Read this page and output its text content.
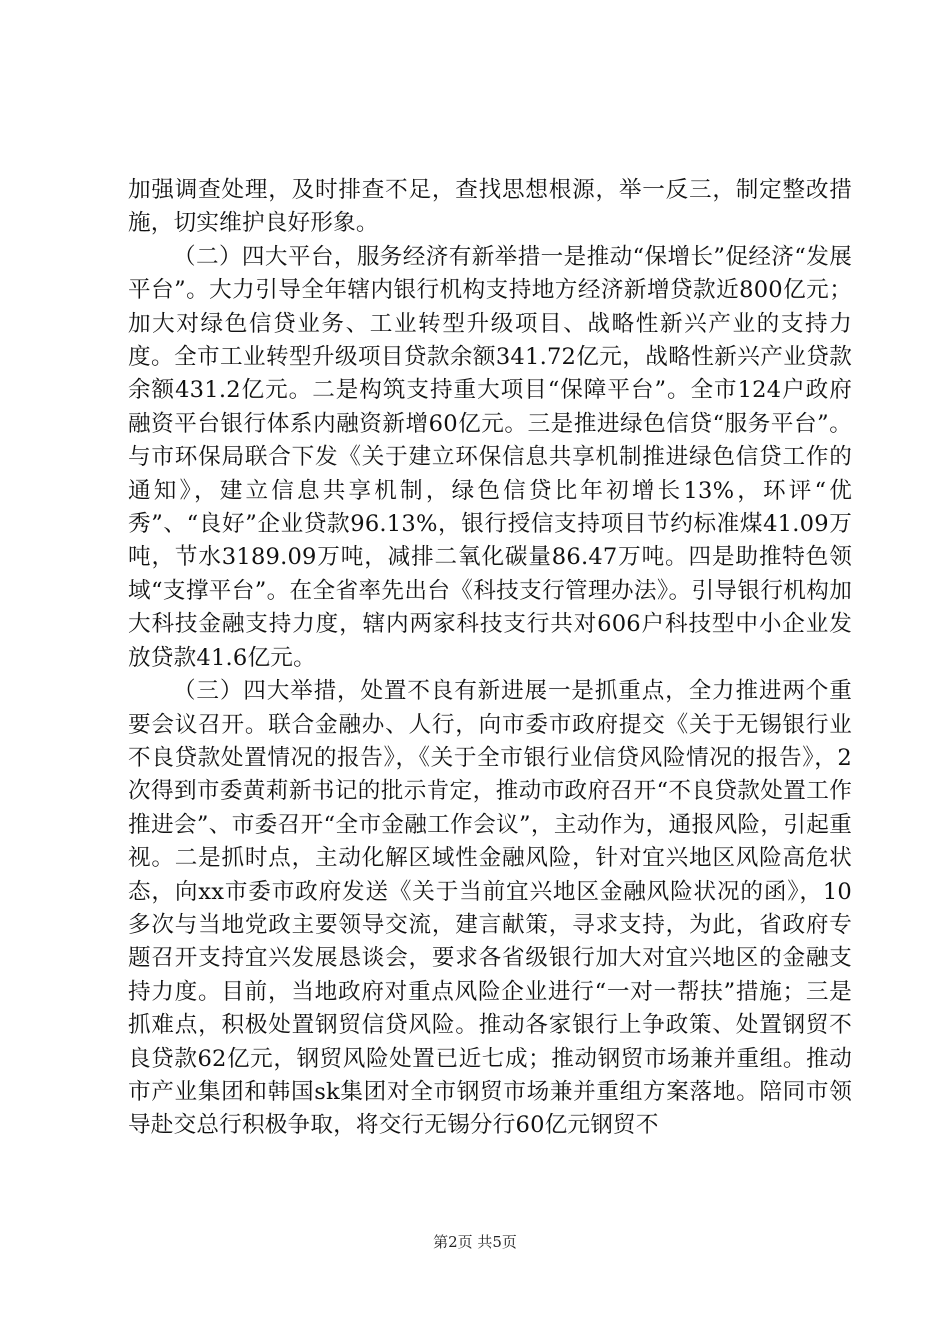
加强调查处理，及时排查不足，查找思想根源，举一反三，制定整改措施，切实维护良好形象。

（二）四大平台，服务经济有新举措一是推动“保增长”促经济“发展平台”。大力引导全年辖内银行机构支持地方经济新增贷款近800亿元；加大对绿色信贷业务、工业转型升级项目、战略性新兴产业的支持力度。全市工业转型升级项目贷款余额341.72亿元，战略性新兴产业贷款余额431.2亿元。二是构筑支持重大项目“保障平台”。全市124户政府融资平台银行体系内融资新增60亿元。三是推进绿色信贷“服务平台”。与市环保局联合下发《关于建立环保信息共享机制推进绿色信贷工作的通知》，建立信息共享机制，绿色信贷比年初增长13%，环评“优秀”、“良好”企业贷款96.13%，银行授信支持项目节约标准煤41.09万吨，节水3189.09万吨，减排二氧化碳量86.47万吨。四是助推特色领域“支撑平台”。在全省率先出台《科技支行管理办法》。引导银行机构加大科技金融支持力度，辖内两家科技支行共对606户科技型中小企业发放贷款41.6亿元。

（三）四大举措，处置不良有新进展一是抓重点，全力推进两个重要会议召开。联合金融办、人行，向市委市政府提交《关于无锡银行业不良贷款处置情况的报告》，《关于全市银行业信贷风险情况的报告》，2次得到市委黄莉新书记的批示肯定，推动市政府召开“不良贷款处置工作推进会”、市委召开“全市金融工作会议”，主动作为，通报风险，引起重视。二是抓时点，主动化解区域性金融风险，针对宜兴地区风险高危状态，向xx市委市政府发送《关于当前宜兴地区金融风险状况的函》，10多次与当地党政主要领导交流，建言献策，寻求支持，为此，省政府专题召开支持宜兴发展恳谈会，要求各省级银行加大对宜兴地区的金融支持力度。目前，当地政府对重点风险企业进行“一对一帮扶”措施；三是抓难点，积极处置钢贸信贷风险。推动各家银行上争政策、处置钢贸不良贷款62亿元，钢贸风险处置已近七成；推动钢贸市场兼并重组。推动市产业集团和韩国sk集团对全市钢贸市场兼并重组方案落地。陪同市领导赴交总行积极争取，将交行无锡分行60亿元钢贸不

第2页 共5页
